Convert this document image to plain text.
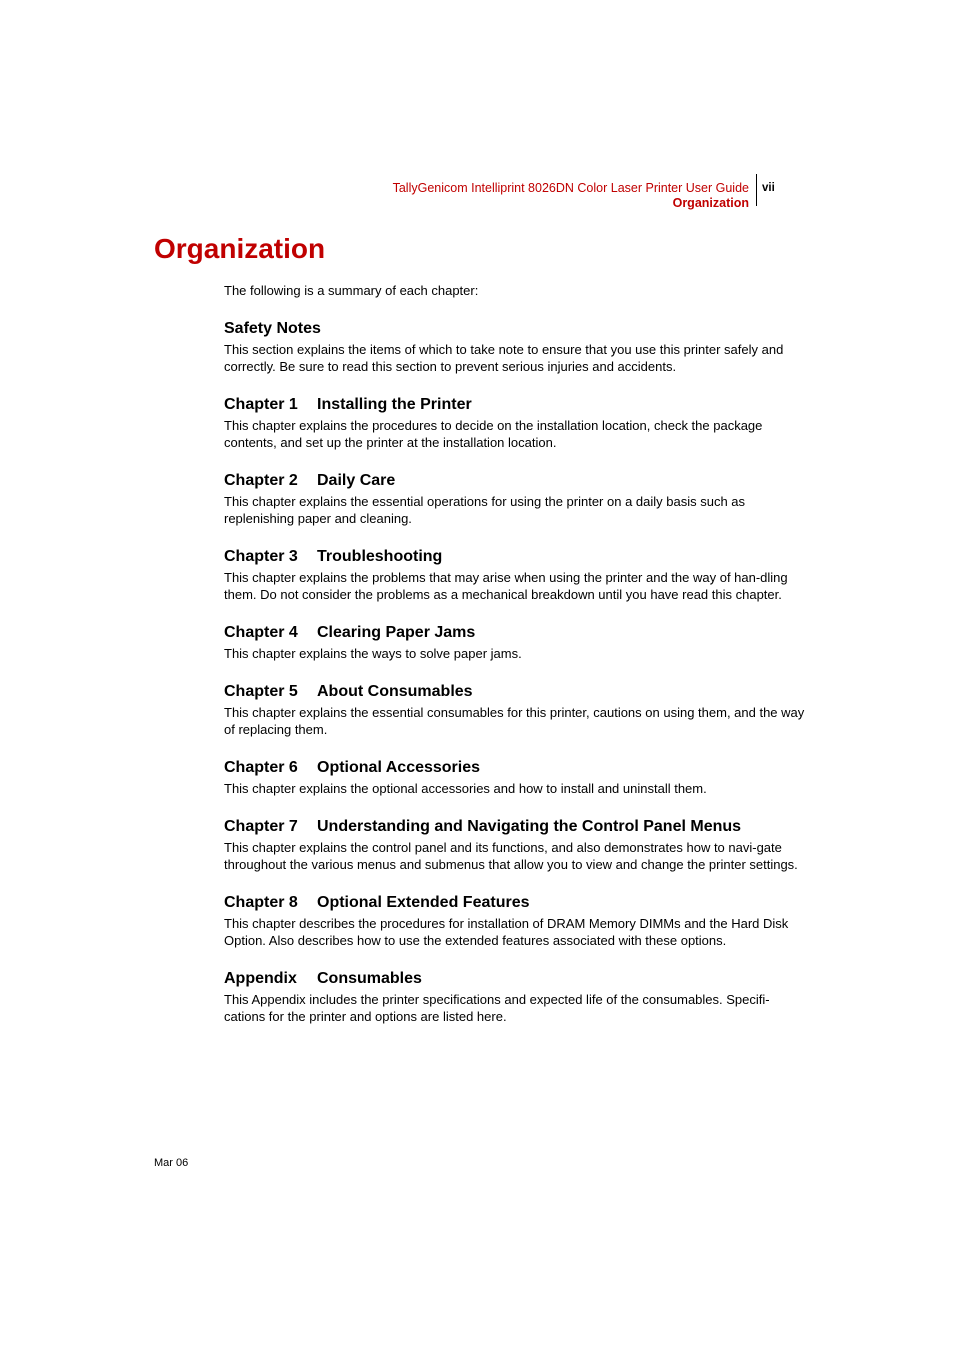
TallyGenicom Intelliprint 8026DN Color Laser Printer User Guide
Organization
vii
Organization

The following is a summary of each chapter:

Safety Notes

This section explains the items of which to take note to ensure that you use this printer safely and correctly. Be sure to read this section to prevent serious injuries and accidents.

Chapter 1 Installing the Printer

This chapter explains the procedures to decide on the installation location, check the package contents, and set up the printer at the installation location.

Chapter 2 Daily Care

This chapter explains the essential operations for using the printer on a daily basis such as replenishing paper and cleaning.

Chapter 3 Troubleshooting

This chapter explains the problems that may arise when using the printer and the way of han-dling them. Do not consider the problems as a mechanical breakdown until you have read this chapter.

Chapter 4 Clearing Paper Jams

This chapter explains the ways to solve paper jams.

Chapter 5 About Consumables

This chapter explains the essential consumables for this printer, cautions on using them, and the way of replacing them.

Chapter 6 Optional Accessories

This chapter explains the optional accessories and how to install and uninstall them.

Chapter 7 Understanding and Navigating the Control Panel Menus

This chapter explains the control panel and its functions, and also demonstrates how to navi-gate throughout the various menus and submenus that allow you to view and change the printer settings.

Chapter 8 Optional Extended Features

This chapter describes the procedures for installation of DRAM Memory DIMMs and the Hard Disk Option. Also describes how to use the extended features associated with these options.

Appendix Consumables

This Appendix includes the printer specifications and expected life of the consumables. Specifi-cations for the printer and options are listed here.

Mar 06
